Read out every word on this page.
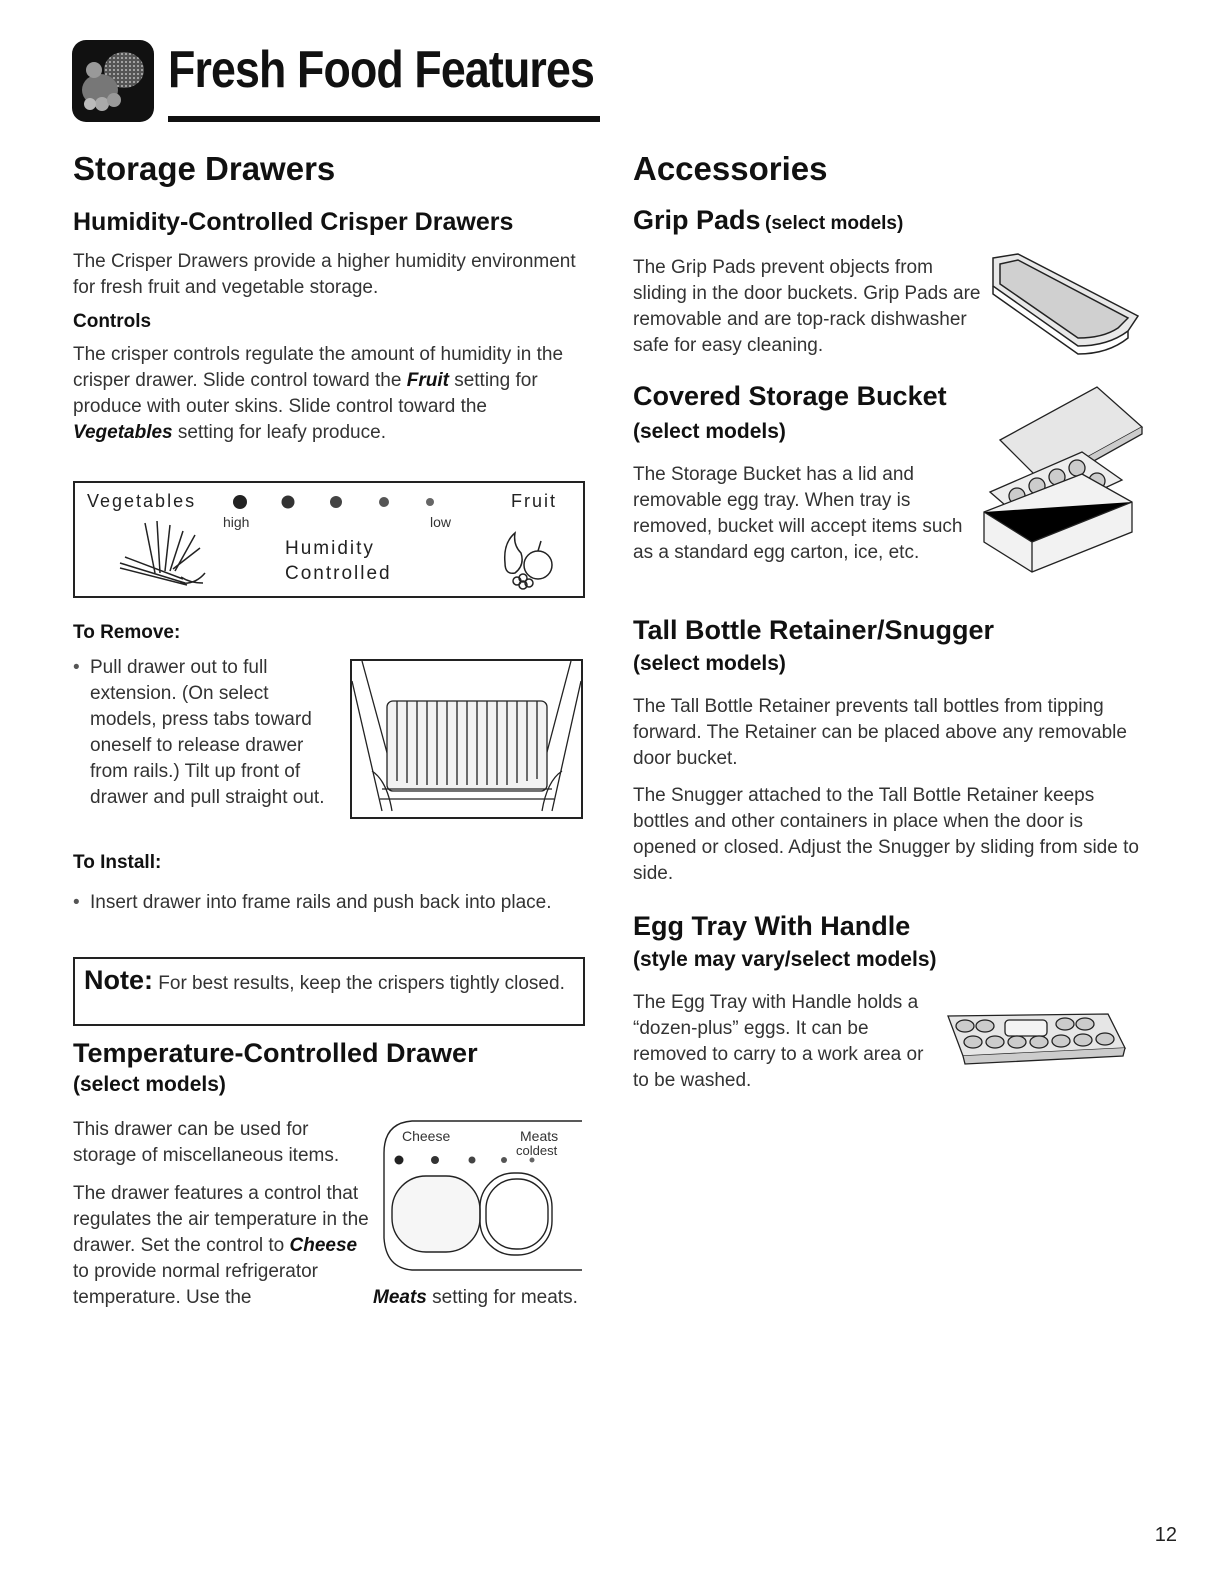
Fresh Food Features
Storage Drawers
Humidity-Controlled Crisper Drawers

The Crisper Drawers provide a higher humidity environment for fresh fruit and vegetable storage.

Controls

The crisper controls regulate the amount of humidity in the crisper drawer. Slide control toward the Fruit setting for produce with outer skins. Slide control toward the Vegetables setting for leafy produce.

Vegetables	Fruit
high	low
Humidity
Controlled
To Remove:
• Pull drawer out to full extension. (On select models, press tabs toward oneself to release drawer from rails.) Tilt up front of drawer and pull straight out.
To Install:
• Insert drawer into frame rails and push back into place.

Note: For best results, keep the crispers tightly closed.

Temperature-Controlled Drawer
(select models)

This drawer can be used for storage of miscellaneous items.

The drawer features a control that regulates the air temperature in the drawer. Set the control to Cheese to provide normal refrigerator temperature. Use the	Meats setting for meats.

Cheese	Meats
coldest
Accessories
Grip Pads (select models)

The Grip Pads prevent objects from sliding in the door buckets. Grip Pads are removable and are top-rack dishwasher safe for easy cleaning.

Covered Storage Bucket
(select models)

The Storage Bucket has a lid and removable egg tray. When tray is removed, bucket will accept items such as a standard egg carton, ice, etc.

Tall Bottle Retainer/Snugger
(select models)

The Tall Bottle Retainer prevents tall bottles from tipping forward. The Retainer can be placed above any removable door bucket.

The Snugger attached to the Tall Bottle Retainer keeps bottles and other containers in place when the door is opened or closed. Adjust the Snugger by sliding from side to side.

Egg Tray With Handle
(style may vary/select models)

The Egg Tray with Handle holds a “dozen-plus” eggs. It can be removed to carry to a work area or to be washed.

12
